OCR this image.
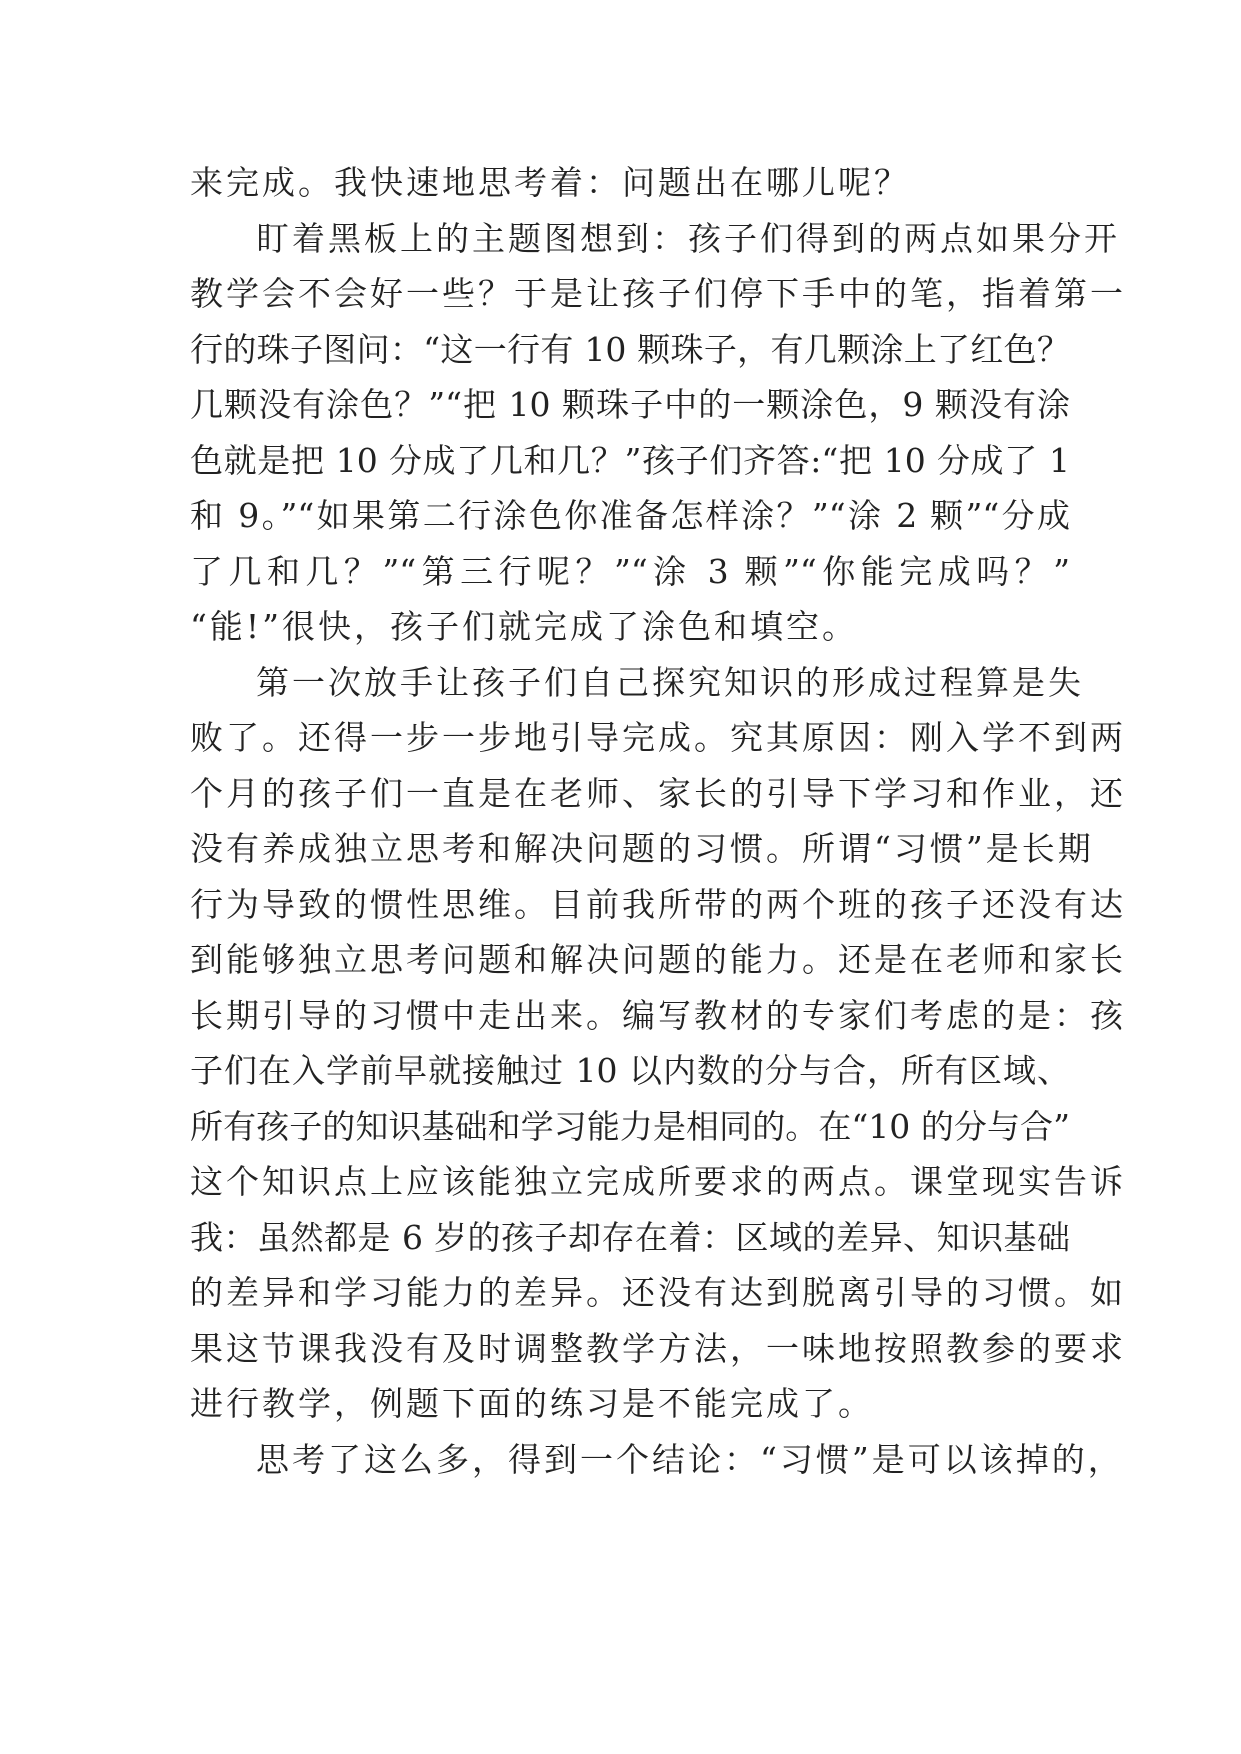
来完成。我快速地思考着：问题出在哪儿呢？
盯着黑板上的主题图想到：孩子们得到的两点如果分开
教学会不会好一些？于是让孩子们停下手中的笔，指着第一
行的珠子图问：“这一行有 10 颗珠子，有几颗涂上了红色？
几颗没有涂色？”“把 10 颗珠子中的一颗涂色，9 颗没有涂
色就是把 10 分成了几和几？”孩子们齐答:“把 10 分成了 1
和 9。”“如果第二行涂色你准备怎样涂？”“涂 2 颗”“分成
了几和几？”“第三行呢？”“涂 3 颗”“你能完成吗？”
“能!”很快，孩子们就完成了涂色和填空。
第一次放手让孩子们自己探究知识的形成过程算是失
败了。还得一步一步地引导完成。究其原因：刚入学不到两
个月的孩子们一直是在老师、家长的引导下学习和作业，还
没有养成独立思考和解决问题的习惯。所谓“习惯”是长期
行为导致的惯性思维。目前我所带的两个班的孩子还没有达
到能够独立思考问题和解决问题的能力。还是在老师和家长
长期引导的习惯中走出来。编写教材的专家们考虑的是：孩
子们在入学前早就接触过 10 以内数的分与合，所有区域、
所有孩子的知识基础和学习能力是相同的。在“10 的分与合”
这个知识点上应该能独立完成所要求的两点。课堂现实告诉
我：虽然都是 6 岁的孩子却存在着：区域的差异、知识基础
的差异和学习能力的差异。还没有达到脱离引导的习惯。如
果这节课我没有及时调整教学方法，一味地按照教参的要求
进行教学，例题下面的练习是不能完成了。
思考了这么多，得到一个结论：“习惯”是可以该掉的，
